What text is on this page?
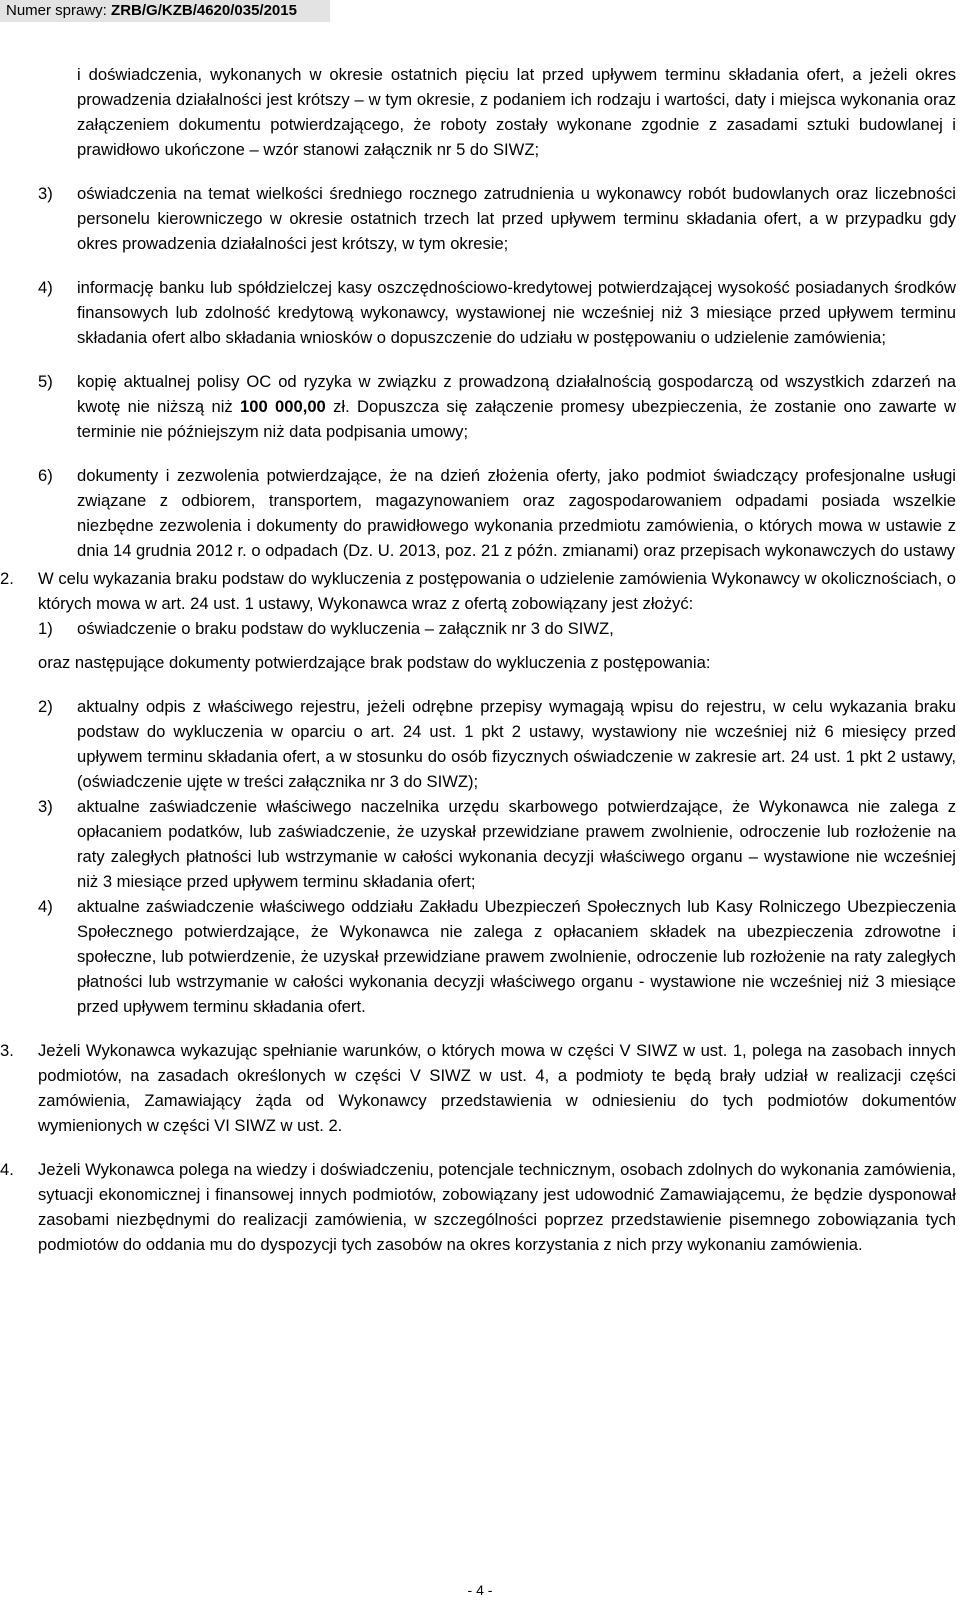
Numer sprawy: ZRB/G/KZB/4620/035/2015

i doświadczenia, wykonanych w okresie ostatnich pięciu lat przed upływem terminu składania ofert, a jeżeli okres prowadzenia działalności jest krótszy – w tym okresie, z podaniem ich rodzaju i wartości, daty i miejsca wykonania oraz załączeniem dokumentu potwierdzającego, że roboty zostały wykonane zgodnie z zasadami sztuki budowlanej i prawidłowo ukończone – wzór stanowi załącznik nr 5 do SIWZ;

3) oświadczenia na temat wielkości średniego rocznego zatrudnienia u wykonawcy robót budowlanych oraz liczebności personelu kierowniczego w okresie ostatnich trzech lat przed upływem terminu składania ofert, a w przypadku gdy okres prowadzenia działalności jest krótszy, w tym okresie;
4) informację banku lub spółdzielczej kasy oszczędnościowo-kredytowej potwierdzającej wysokość posiadanych środków finansowych lub zdolność kredytową wykonawcy, wystawionej nie wcześniej niż 3 miesiące przed upływem terminu składania ofert albo składania wniosków o dopuszczenie do udziału w postępowaniu o udzielenie zamówienia;
5) kopię aktualnej polisy OC od ryzyka w związku z prowadzoną działalnością gospodarczą od wszystkich zdarzeń na kwotę nie niższą niż 100 000,00 zł. Dopuszcza się załączenie promesy ubezpieczenia, że zostanie ono zawarte w terminie nie późniejszym niż data podpisania umowy;
6) dokumenty i zezwolenia potwierdzające, że na dzień złożenia oferty, jako podmiot świadczący profesjonalne usługi związane z odbiorem, transportem, magazynowaniem oraz zagospodarowaniem odpadami posiada wszelkie niezbędne zezwolenia i dokumenty do prawidłowego wykonania przedmiotu zamówienia, o których mowa w ustawie z dnia 14 grudnia 2012 r. o odpadach (Dz. U. 2013, poz. 21 z późn. zmianami) oraz przepisach wykonawczych do ustawy
2. W celu wykazania braku podstaw do wykluczenia z postępowania o udzielenie zamówienia Wykonawcy w okolicznościach, o których mowa w art. 24 ust. 1 ustawy, Wykonawca wraz z ofertą zobowiązany jest złożyć:
1) oświadczenie o braku podstaw do wykluczenia – załącznik nr 3 do SIWZ,

oraz następujące dokumenty potwierdzające brak podstaw do wykluczenia z postępowania:

2) aktualny odpis z właściwego rejestru, jeżeli odrębne przepisy wymagają wpisu do rejestru, w celu wykazania braku podstaw do wykluczenia w oparciu o art. 24 ust. 1 pkt 2 ustawy, wystawiony nie wcześniej niż 6 miesięcy przed upływem terminu składania ofert, a w stosunku do osób fizycznych oświadczenie w zakresie art. 24 ust. 1 pkt 2 ustawy, (oświadczenie ujęte w treści załącznika nr 3 do SIWZ);
3) aktualne zaświadczenie właściwego naczelnika urzędu skarbowego potwierdzające, że Wykonawca nie zalega z opłacaniem podatków, lub zaświadczenie, że uzyskał przewidziane prawem zwolnienie, odroczenie lub rozłożenie na raty zaległych płatności lub wstrzymanie w całości wykonania decyzji właściwego organu – wystawione nie wcześniej niż 3 miesiące przed upływem terminu składania ofert;
4) aktualne zaświadczenie właściwego oddziału Zakładu Ubezpieczeń Społecznych lub Kasy Rolniczego Ubezpieczenia Społecznego potwierdzające, że Wykonawca nie zalega z opłacaniem składek na ubezpieczenia zdrowotne i społeczne, lub potwierdzenie, że uzyskał przewidziane prawem zwolnienie, odroczenie lub rozłożenie na raty zaległych płatności lub wstrzymanie w całości wykonania decyzji właściwego organu - wystawione nie wcześniej niż 3 miesiące przed upływem terminu składania ofert.
3. Jeżeli Wykonawca wykazując spełnianie warunków, o których mowa w części V SIWZ w ust. 1, polega na zasobach innych podmiotów, na zasadach określonych w części V SIWZ w ust. 4, a podmioty te będą brały udział w realizacji części zamówienia, Zamawiający żąda od Wykonawcy przedstawienia w odniesieniu do tych podmiotów dokumentów wymienionych w części VI SIWZ w ust. 2.
4. Jeżeli Wykonawca polega na wiedzy i doświadczeniu, potencjale technicznym, osobach zdolnych do wykonania zamówienia, sytuacji ekonomicznej i finansowej innych podmiotów, zobowiązany jest udowodnić Zamawiającemu, że będzie dysponował zasobami niezbędnymi do realizacji zamówienia, w szczególności poprzez przedstawienie pisemnego zobowiązania tych podmiotów do oddania mu do dyspozycji tych zasobów na okres korzystania z nich przy wykonaniu zamówienia.
- 4 -
